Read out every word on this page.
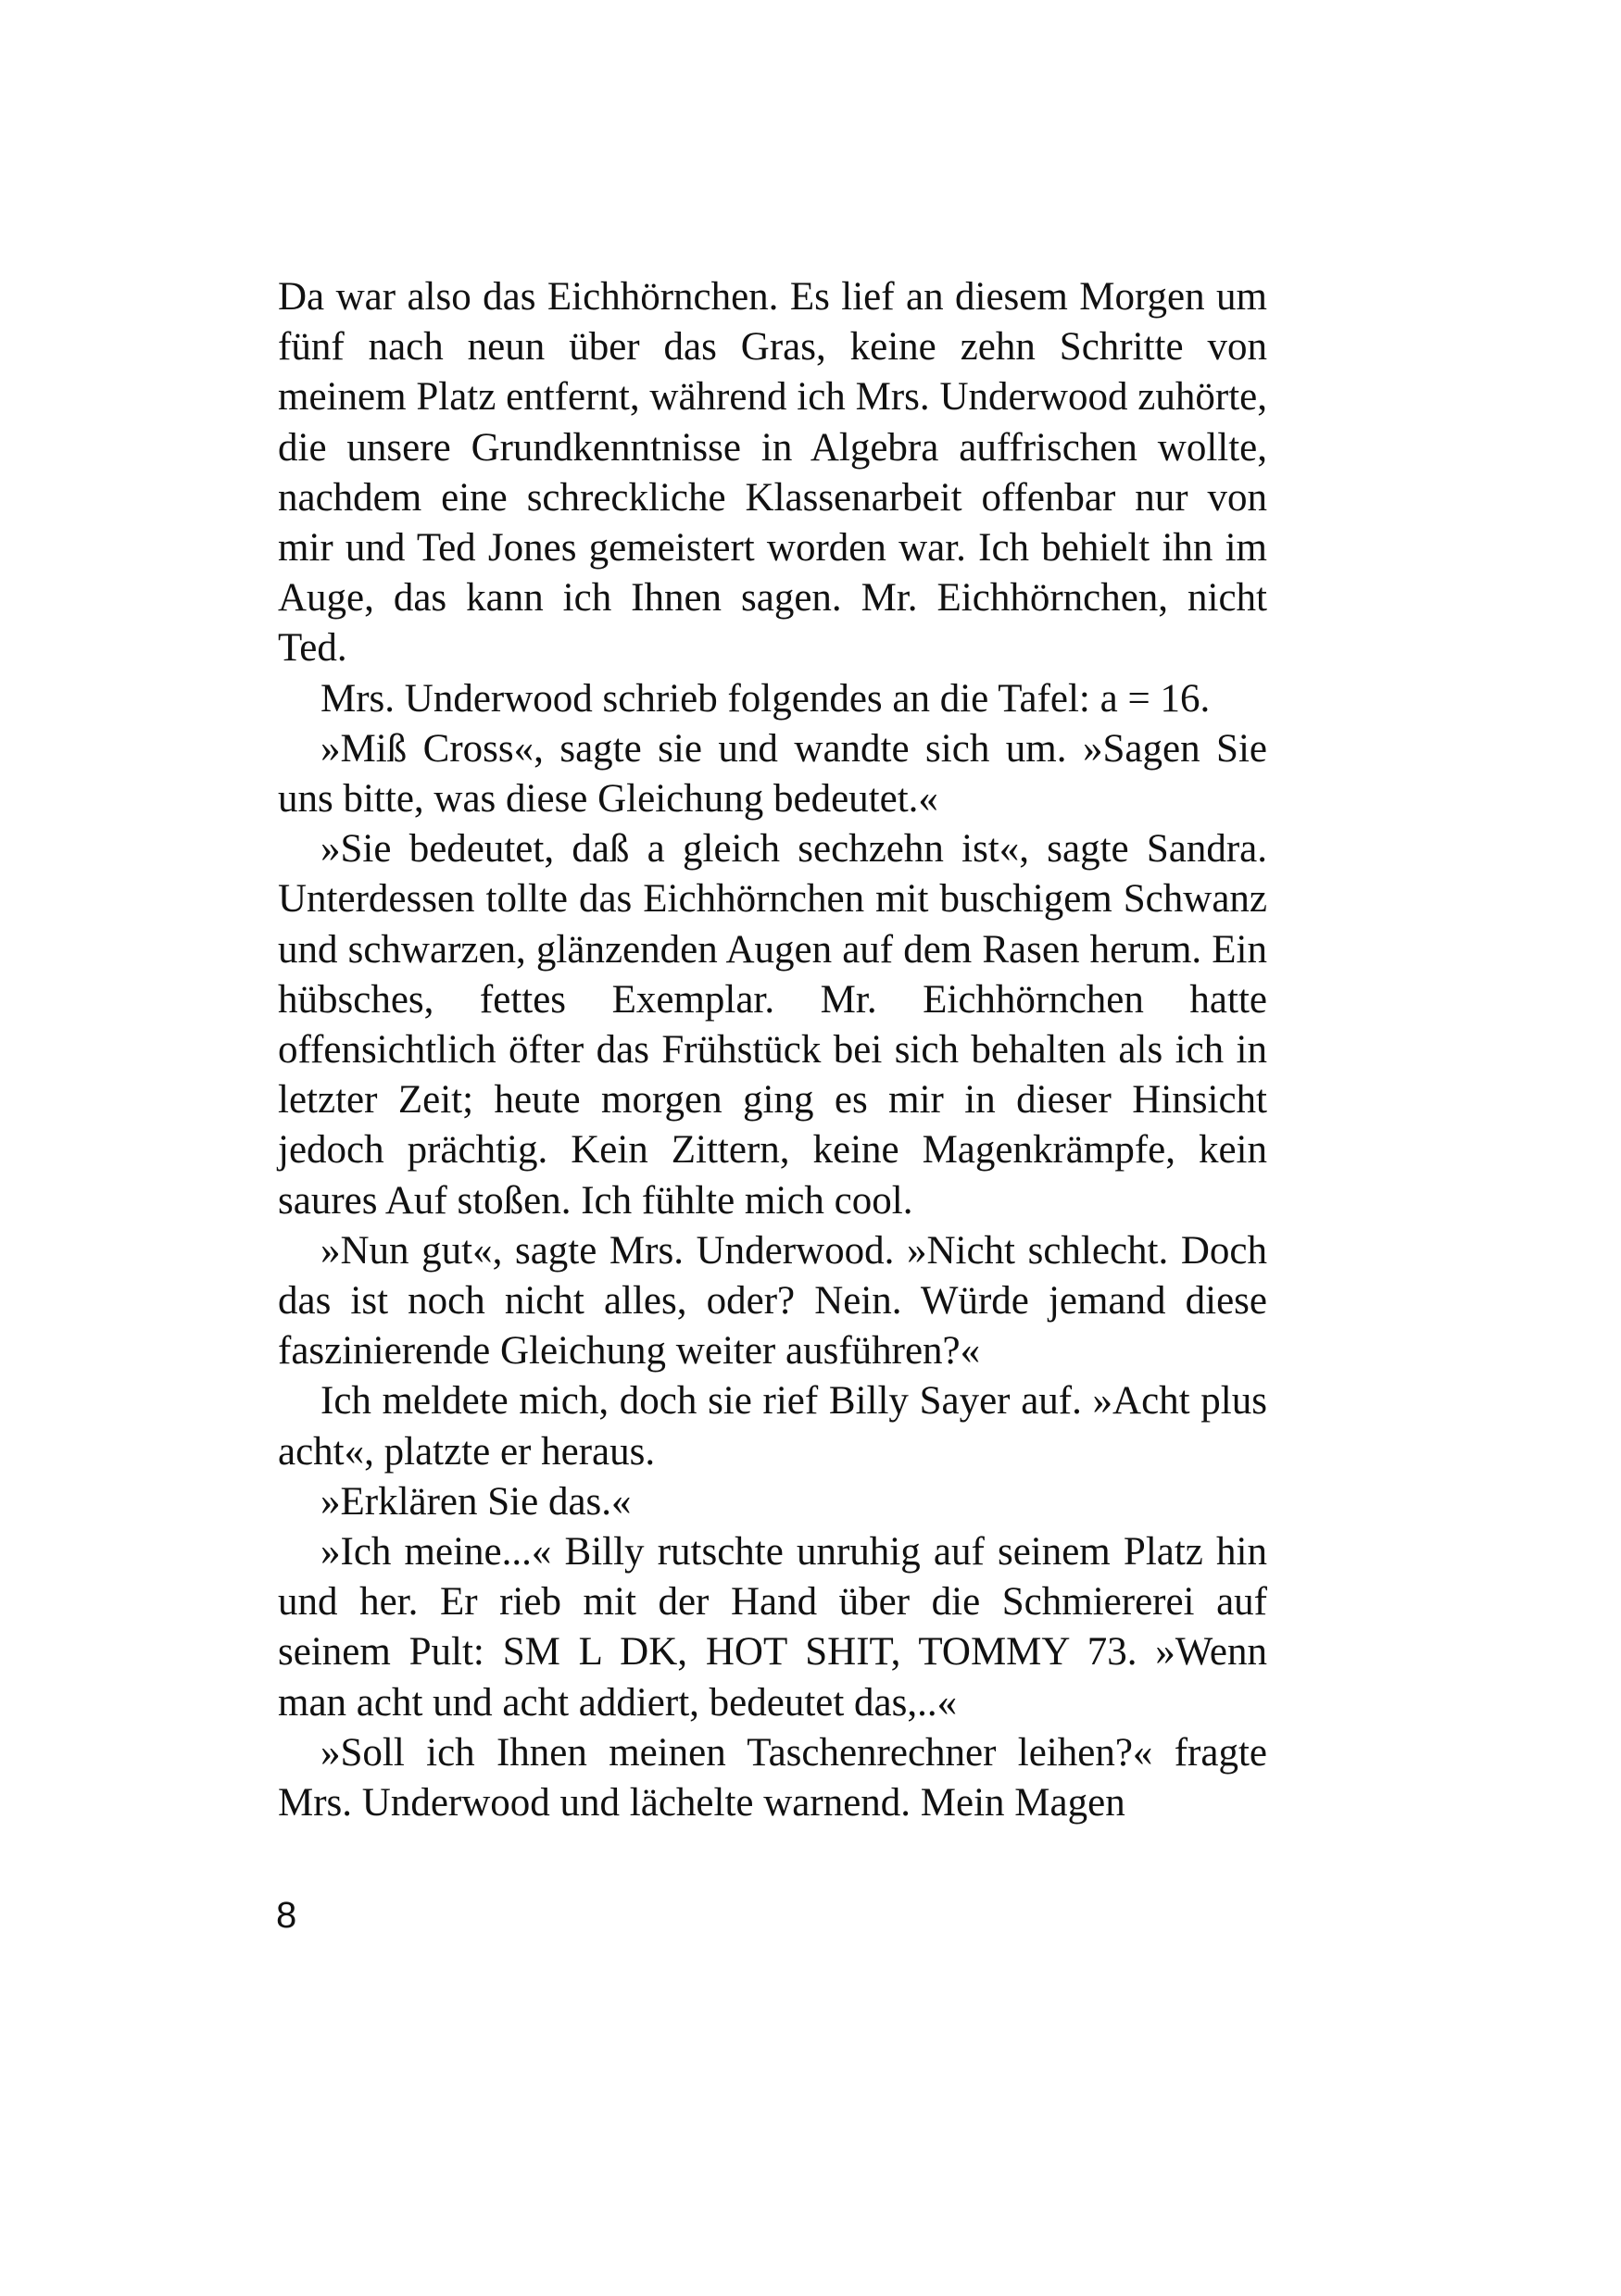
Da war also das Eichhörnchen. Es lief an diesem Morgen um fünf nach neun über das Gras, keine zehn Schritte von meinem Platz entfernt, während ich Mrs. Underwood zuhörte, die unsere Grundkenntnisse in Algebra auffrischen wollte, nachdem eine schreckliche Klassenarbeit offenbar nur von mir und Ted Jones gemeistert worden war. Ich behielt ihn im Auge, das kann ich Ihnen sagen. Mr. Eichhörnchen, nicht Ted.

Mrs. Underwood schrieb folgendes an die Tafel: a = 16.

»Miß Cross«, sagte sie und wandte sich um. »Sagen Sie uns bitte, was diese Gleichung bedeutet.«

»Sie bedeutet, daß a gleich sechzehn ist«, sagte Sandra. Unterdessen tollte das Eichhörnchen mit buschigem Schwanz und schwarzen, glänzenden Augen auf dem Rasen herum. Ein hübsches, fettes Exemplar. Mr. Eichhörnchen hatte offensichtlich öfter das Frühstück bei sich behalten als ich in letzter Zeit; heute morgen ging es mir in dieser Hinsicht jedoch prächtig. Kein Zittern, keine Magenkrämpfe, kein saures Auf stoßen. Ich fühlte mich cool.

»Nun gut«, sagte Mrs. Underwood. »Nicht schlecht. Doch das ist noch nicht alles, oder? Nein. Würde jemand diese faszinierende Gleichung weiter ausführen?«

Ich meldete mich, doch sie rief Billy Sayer auf. »Acht plus acht«, platzte er heraus.

»Erklären Sie das.«

»Ich meine...« Billy rutschte unruhig auf seinem Platz hin und her. Er rieb mit der Hand über die Schmiererei auf seinem Pult: SM L DK, HOT SHIT, TOMMY 73. »Wenn man acht und acht addiert, bedeutet das,..«

»Soll ich Ihnen meinen Taschenrechner leihen?« fragte Mrs. Underwood und lächelte warnend. Mein Magen

8
